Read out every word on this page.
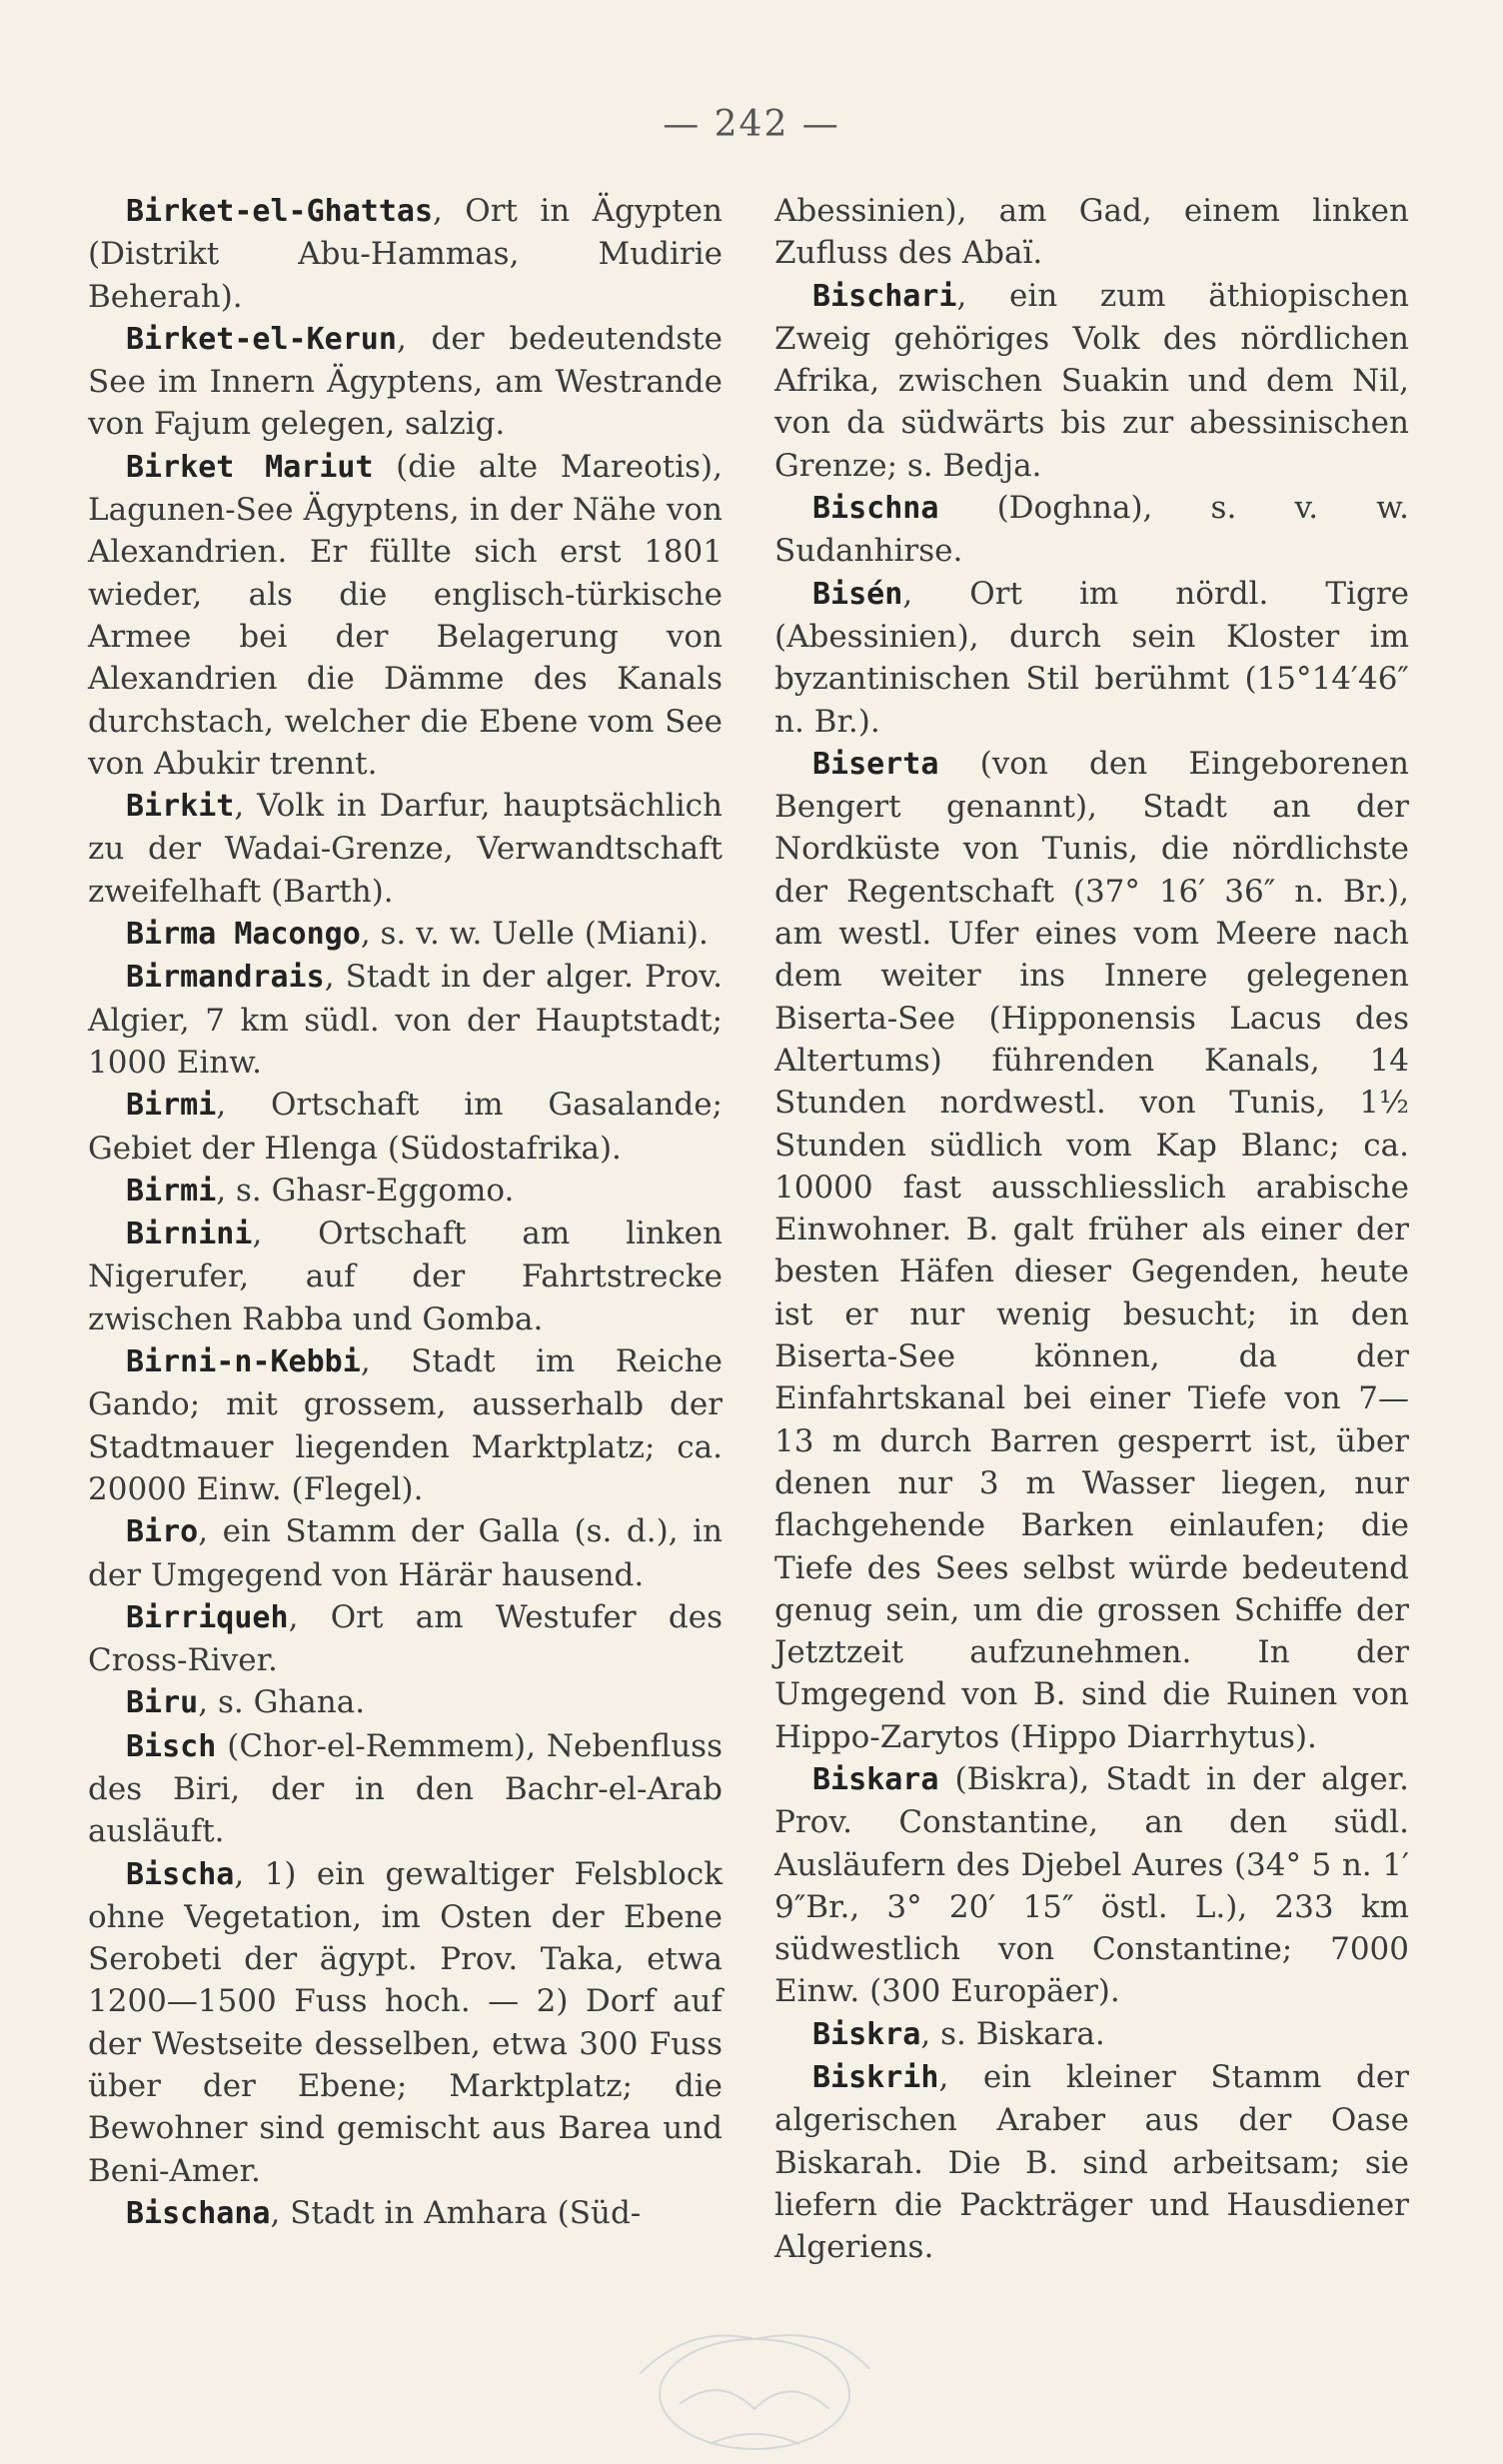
— 242 —

Birket-el-Ghattas, Ort in Ägypten (Distrikt Abu-Hammas, Mudirie Beherah).

Birket-el-Kerun, der bedeutendste See im Innern Ägyptens, am Westrande von Fajum gelegen, salzig.

Birket Mariut (die alte Mareotis), Lagunen-See Ägyptens, in der Nähe von Alexandrien. Er füllte sich erst 1801 wieder, als die englisch-türkische Armee bei der Belagerung von Alexandrien die Dämme des Kanals durchstach, welcher die Ebene vom See von Abukir trennt.

Birkit, Volk in Darfur, hauptsächlich zu der Wadai-Grenze, Verwandtschaft zweifelhaft (Barth).

Birma Macongo, s. v. w. Uelle (Miani).

Birmandrais, Stadt in der alger. Prov. Algier, 7 km südl. von der Hauptstadt; 1000 Einw.

Birmi, Ortschaft im Gasalande; Gebiet der Hlenga (Südostafrika).

Birmi, s. Ghasr-Eggomo.

Birnini, Ortschaft am linken Nigerufer, auf der Fahrtstrecke zwischen Rabba und Gomba.

Birni-n-Kebbi, Stadt im Reiche Gando; mit grossem, ausserhalb der Stadtmauer liegenden Marktplatz; ca. 20000 Einw. (Flegel).

Biro, ein Stamm der Galla (s. d.), in der Umgegend von Härär hausend.

Birriqueh, Ort am Westufer des Cross-River.

Biru, s. Ghana.

Bisch (Chor-el-Remmem), Nebenfluss des Biri, der in den Bachr-el-Arab ausläuft.

Bischa, 1) ein gewaltiger Felsblock ohne Vegetation, im Osten der Ebene Serobeti der ägypt. Prov. Taka, etwa 1200—1500 Fuss hoch. — 2) Dorf auf der Westseite desselben, etwa 300 Fuss über der Ebene; Marktplatz; die Bewohner sind gemischt aus Barea und Beni-Amer.

Bischana, Stadt in Amhara (Süd-

Abessinien), am Gad, einem linken Zufluss des Abaï.

Bischari, ein zum äthiopischen Zweig gehöriges Volk des nördlichen Afrika, zwischen Suakin und dem Nil, von da südwärts bis zur abessinischen Grenze; s. Bedja.

Bischna (Doghna), s. v. w. Sudanhirse.

Bisén, Ort im nördl. Tigre (Abessinien), durch sein Kloster im byzantinischen Stil berühmt (15°14′46″ n. Br.).

Biserta (von den Eingeborenen Bengert genannt), Stadt an der Nordküste von Tunis, die nördlichste der Regentschaft (37° 16′ 36″ n. Br.), am westl. Ufer eines vom Meere nach dem weiter ins Innere gelegenen Biserta-See (Hipponensis Lacus des Altertums) führenden Kanals, 14 Stunden nordwestl. von Tunis, 1½ Stunden südlich vom Kap Blanc; ca. 10000 fast ausschliesslich arabische Einwohner. B. galt früher als einer der besten Häfen dieser Gegenden, heute ist er nur wenig besucht; in den Biserta-See können, da der Einfahrtskanal bei einer Tiefe von 7—13 m durch Barren gesperrt ist, über denen nur 3 m Wasser liegen, nur flachgehende Barken einlaufen; die Tiefe des Sees selbst würde bedeutend genug sein, um die grossen Schiffe der Jetztzeit aufzunehmen. In der Umgegend von B. sind die Ruinen von Hippo-Zarytos (Hippo Diarrhytus).

Biskara (Biskra), Stadt in der alger. Prov. Constantine, an den südl. Ausläufern des Djebel Aures (34° 5 n. 1′ 9″Br., 3° 20′ 15″ östl. L.), 233 km südwestlich von Constantine; 7000 Einw. (300 Europäer).

Biskra, s. Biskara.

Biskrih, ein kleiner Stamm der algerischen Araber aus der Oase Biskarah. Die B. sind arbeitsam; sie liefern die Packträger und Hausdiener Algeriens.
